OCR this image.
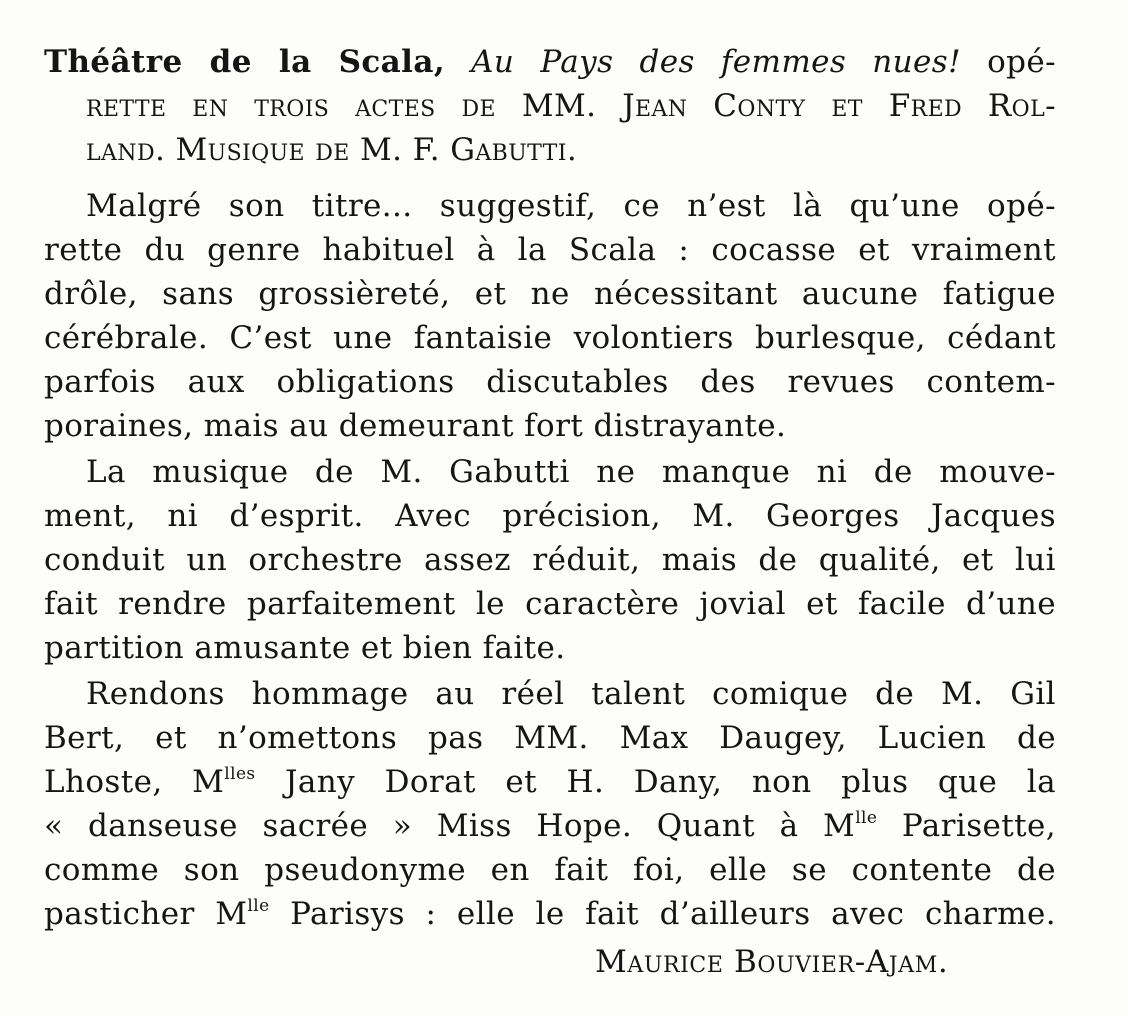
Théâtre de la Scala, Au Pays des femmes nues! opé-
rette en trois actes de MM. Jean Conty et Fred Rol-
land. Musique de M. F. Gabutti.
Malgré son titre... suggestif, ce n’est là qu’une opé-
rette du genre habituel à la Scala : cocasse et vraiment
drôle, sans grossièreté, et ne nécessitant aucune fatigue
cérébrale. C’est une fantaisie volontiers burlesque, cédant
parfois aux obligations discutables des revues contem-
poraines, mais au demeurant fort distrayante.
La musique de M. Gabutti ne manque ni de mouve-
ment, ni d’esprit. Avec précision, M. Georges Jacques
conduit un orchestre assez réduit, mais de qualité, et lui
fait rendre parfaitement le caractère jovial et facile d’une
partition amusante et bien faite.
Rendons hommage au réel talent comique de M. Gil
Bert, et n’omettons pas MM. Max Daugey, Lucien de
Lhoste, $M^{lles}$ Jany Dorat et H. Dany, non plus que la
« danseuse sacrée » Miss Hope. Quant à $M^{lle}$ Parisette,
comme son pseudonyme en fait foi, elle se contente de
pasticher $M^{lle}$ Parisys : elle le fait d’ailleurs avec charme.
Maurice Bouvier-Ajam.
